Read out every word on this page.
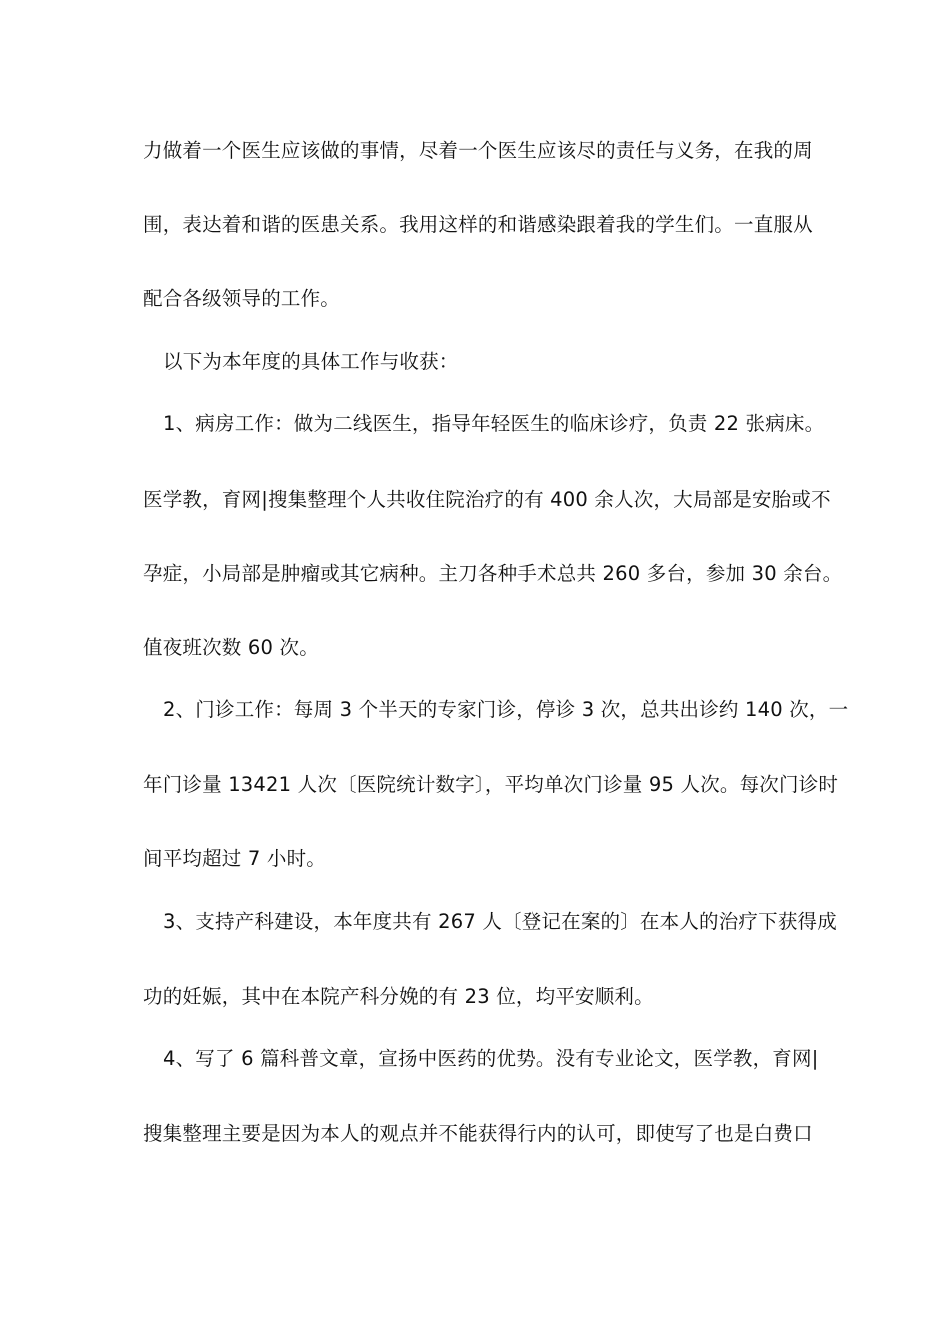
力做着一个医生应该做的事情，尽着一个医生应该尽的责任与义务，在我的周
围，表达着和谐的医患关系。我用这样的和谐感染跟着我的学生们。一直服从
配合各级领导的工作。
以下为本年度的具体工作与收获：
1、病房工作：做为二线医生，指导年轻医生的临床诊疗，负责 22 张病床。
医学教，育网|搜集整理个人共收住院治疗的有 400 余人次，大局部是安胎或不
孕症，小局部是肿瘤或其它病种。主刀各种手术总共 260 多台，参加 30 余台。
值夜班次数 60 次。
2、门诊工作：每周 3 个半天的专家门诊，停诊 3 次，总共出诊约 140 次，一
年门诊量 13421 人次〔医院统计数字〕，平均单次门诊量 95 人次。每次门诊时
间平均超过 7 小时。
3、支持产科建设，本年度共有 267 人〔登记在案的〕在本人的治疗下获得成
功的妊娠，其中在本院产科分娩的有 23 位，均平安顺利。
4、写了 6 篇科普文章，宣扬中医药的优势。没有专业论文，医学教，育网|
搜集整理主要是因为本人的观点并不能获得行内的认可，即使写了也是白费口
